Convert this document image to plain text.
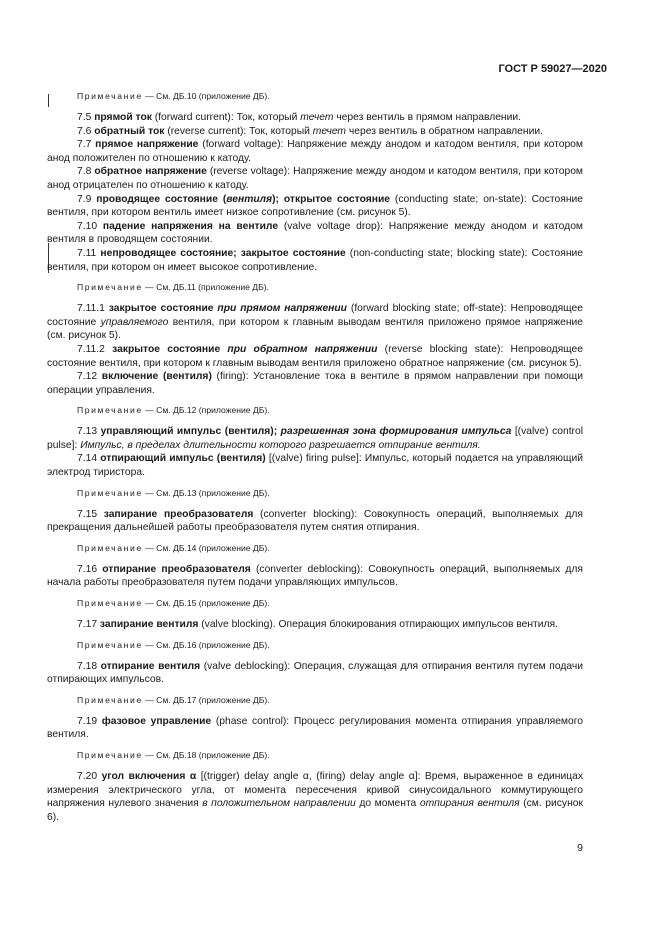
ГОСТ Р 59027—2020

Примечание — См. ДБ.10 (приложение ДБ).

7.5 прямой ток (forward current): Ток, который течет через вентиль в прямом направлении.

7.6 обратный ток (reverse current): Ток, который течет через вентиль в обратном направлении.

7.7 прямое напряжение (forward voltage): Напряжение между анодом и катодом вентиля, при котором анод положителен по отношению к катоду.

7.8 обратное напряжение (reverse voltage): Напряжение между анодом и катодом вентиля, при котором анод отрицателен по отношению к катоду.

7.9 проводящее состояние (вентиля); открытое состояние (conducting state; on-state): Состояние вентиля, при котором вентиль имеет низкое сопротивление (см. рисунок 5).

7.10 падение напряжения на вентиле (valve voltage drop): Напряжение между анодом и катодом вентиля в проводящем состоянии.

7.11 непроводящее состояние; закрытое состояние (non-conducting state; blocking state): Состояние вентиля, при котором он имеет высокое сопротивление.

Примечание — См. ДБ.11 (приложение ДБ).

7.11.1 закрытое состояние при прямом напряжении (forward blocking state; off-state): Непроводящее состояние управляемого вентиля, при котором к главным выводам вентиля приложено прямое напряжение (см. рисунок 5).

7.11.2 закрытое состояние при обратном напряжении (reverse blocking state): Непроводящее состояние вентиля, при котором к главным выводам вентиля приложено обратное напряжение (см. рисунок 5).

7.12 включение (вентиля) (firing): Установление тока в вентиле в прямом направлении при помощи операции управления.

Примечание — См. ДБ.12 (приложение ДБ).

7.13 управляющий импульс (вентиля); разрешенная зона формирования импульса [(valve) control pulse]: Импульс, в пределах длительности которого разрешается отпирание вентиля.

7.14 отпирающий импульс (вентиля) [(valve) firing pulse]: Импульс, который подается на управляющий электрод тиристора.

Примечание — См. ДБ.13 (приложение ДБ).

7.15 запирание преобразователя (converter blocking): Совокупность операций, выполняемых для прекращения дальнейшей работы преобразователя путем снятия отпирания.

Примечание — См. ДБ.14 (приложение ДБ).

7.16 отпирание преобразователя (converter deblocking): Совокупность операций, выполняемых для начала работы преобразователя путем подачи управляющих импульсов.

Примечание — См. ДБ.15 (приложение ДБ).

7.17 запирание вентиля (valve blocking). Операция блокирования отпирающих импульсов вентиля.

Примечание — См. ДБ.16 (приложение ДБ).

7.18 отпирание вентиля (valve deblocking): Операция, служащая для отпирания вентиля путем подачи отпирающих импульсов.

Примечание — См. ДБ.17 (приложение ДБ).

7.19 фазовое управление (phase control): Процесс регулирования момента отпирания управляемого вентиля.

Примечание — См. ДБ.18 (приложение ДБ).

7.20 угол включения α [(trigger) delay angle α, (firing) delay angle α]: Время, выраженное в единицах измерения электрического угла, от момента пересечения кривой синусоидального коммутирующего напряжения нулевого значения в положительном направлении до момента отпирания вентиля (см. рисунок 6).

9
